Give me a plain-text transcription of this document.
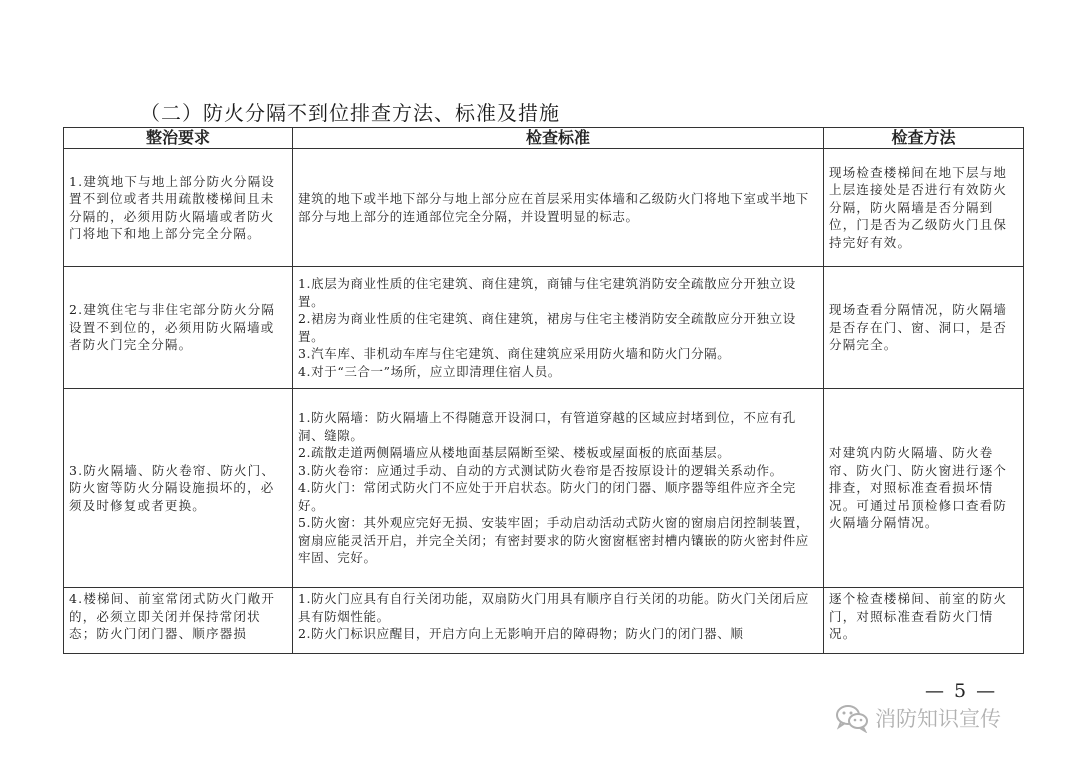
（二）防火分隔不到位排查方法、标准及措施
整治要求	检查标准	检查方法
1.建筑地下与地上部分防火分隔设置不到位或者共用疏散楼梯间且未分隔的，必须用防火隔墙或者防火门将地下和地上部分完全分隔。	建筑的地下或半地下部分与地上部分应在首层采用实体墙和乙级防火门将地下室或半地下部分与地上部分的连通部位完全分隔，并设置明显的标志。	现场检查楼梯间在地下层与地上层连接处是否进行有效防火分隔，防火隔墙是否分隔到位，门是否为乙级防火门且保持完好有效。
2.建筑住宅与非住宅部分防火分隔设置不到位的，必须用防火隔墙或者防火门完全分隔。	1.底层为商业性质的住宅建筑、商住建筑，商铺与住宅建筑消防安全疏散应分开独立设置。
2.裙房为商业性质的住宅建筑、商住建筑，裙房与住宅主楼消防安全疏散应分开独立设置。
3.汽车库、非机动车库与住宅建筑、商住建筑应采用防火墙和防火门分隔。
4.对于“三合一”场所，应立即清理住宿人员。	现场查看分隔情况，防火隔墙是否存在门、窗、洞口，是否分隔完全。
3.防火隔墙、防火卷帘、防火门、防火窗等防火分隔设施损坏的，必须及时修复或者更换。	1.防火隔墙：防火隔墙上不得随意开设洞口，有管道穿越的区域应封堵到位，不应有孔洞、缝隙。
2.疏散走道两侧隔墙应从楼地面基层隔断至梁、楼板或屋面板的底面基层。
3.防火卷帘：应通过手动、自动的方式测试防火卷帘是否按原设计的逻辑关系动作。
4.防火门：常闭式防火门不应处于开启状态。防火门的闭门器、顺序器等组件应齐全完好。
5.防火窗：其外观应完好无损、安装牢固；手动启动活动式防火窗的窗扇启闭控制装置，窗扇应能灵活开启，并完全关闭；有密封要求的防火窗窗框密封槽内镶嵌的防火密封件应牢固、完好。	对建筑内防火隔墙、防火卷帘、防火门、防火窗进行逐个排查，对照标准查看损坏情况。可通过吊顶检修口查看防火隔墙分隔情况。
4.楼梯间、前室常闭式防火门敞开的，必须立即关闭并保持常闭状态；防火门闭门器、顺序器损	1.防火门应具有自行关闭功能，双扇防火门用具有顺序自行关闭的功能。防火门关闭后应具有防烟性能。
2.防火门标识应醒目，开启方向上无影响开启的障碍物；防火门的闭门器、顺	逐个检查楼梯间、前室的防火门，对照标准查看防火门情况。
— 5 —
消防知识宣传
